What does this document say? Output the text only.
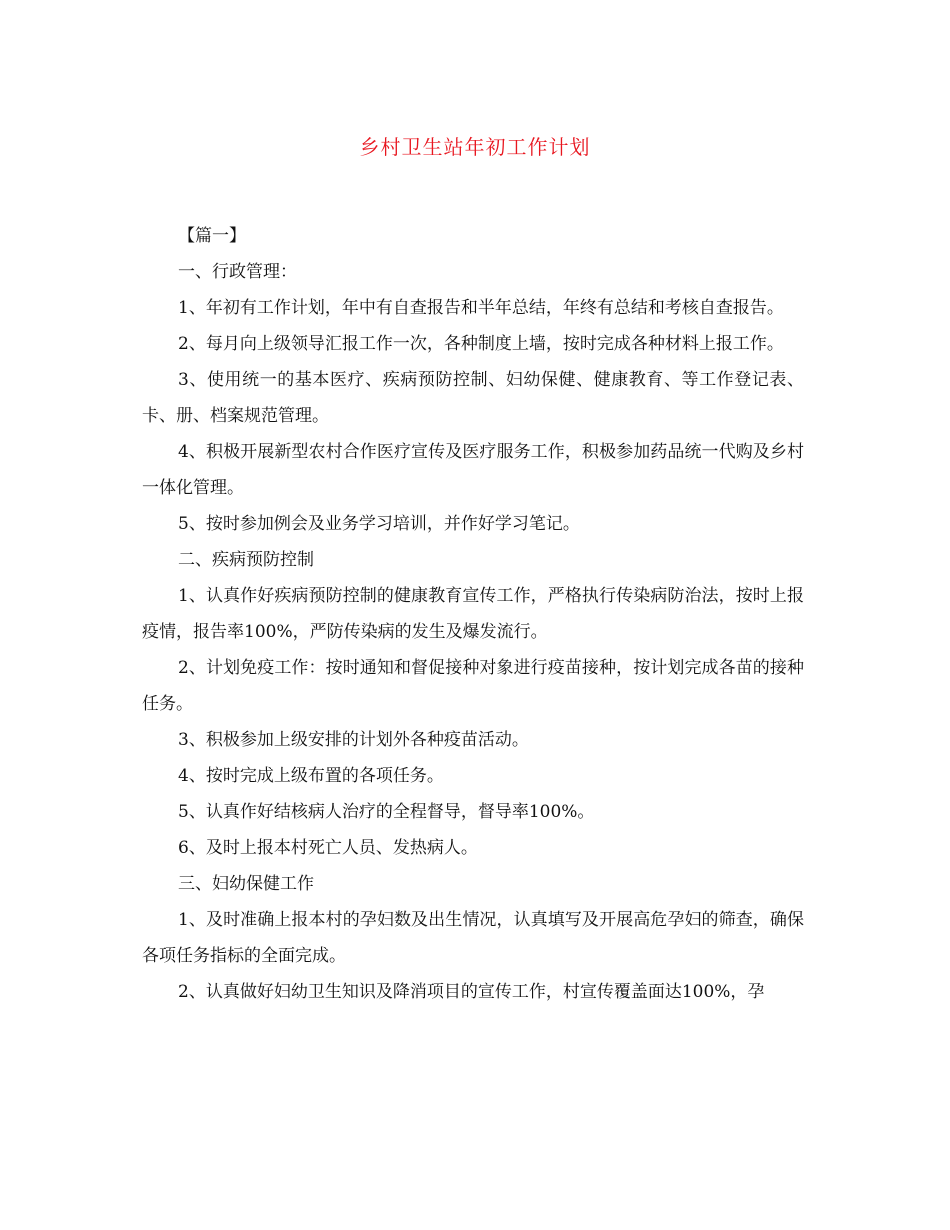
乡村卫生站年初工作计划

【篇一】

一、行政管理：

1、年初有工作计划，年中有自查报告和半年总结，年终有总结和考核自查报告。

2、每月向上级领导汇报工作一次，各种制度上墙，按时完成各种材料上报工作。

3、使用统一的基本医疗、疾病预防控制、妇幼保健、健康教育、等工作登记表、卡、册、档案规范管理。

4、积极开展新型农村合作医疗宣传及医疗服务工作，积极参加药品统一代购及乡村一体化管理。

5、按时参加例会及业务学习培训，并作好学习笔记。

二、疾病预防控制

1、认真作好疾病预防控制的健康教育宣传工作，严格执行传染病防治法，按时上报疫情，报告率100%，严防传染病的发生及爆发流行。

2、计划免疫工作：按时通知和督促接种对象进行疫苗接种，按计划完成各苗的接种任务。

3、积极参加上级安排的计划外各种疫苗活动。

4、按时完成上级布置的各项任务。

5、认真作好结核病人治疗的全程督导，督导率100%。

6、及时上报本村死亡人员、发热病人。

三、妇幼保健工作

1、及时准确上报本村的孕妇数及出生情况，认真填写及开展高危孕妇的筛查，确保各项任务指标的全面完成。

2、认真做好妇幼卫生知识及降消项目的宣传工作，村宣传覆盖面达100%，孕
